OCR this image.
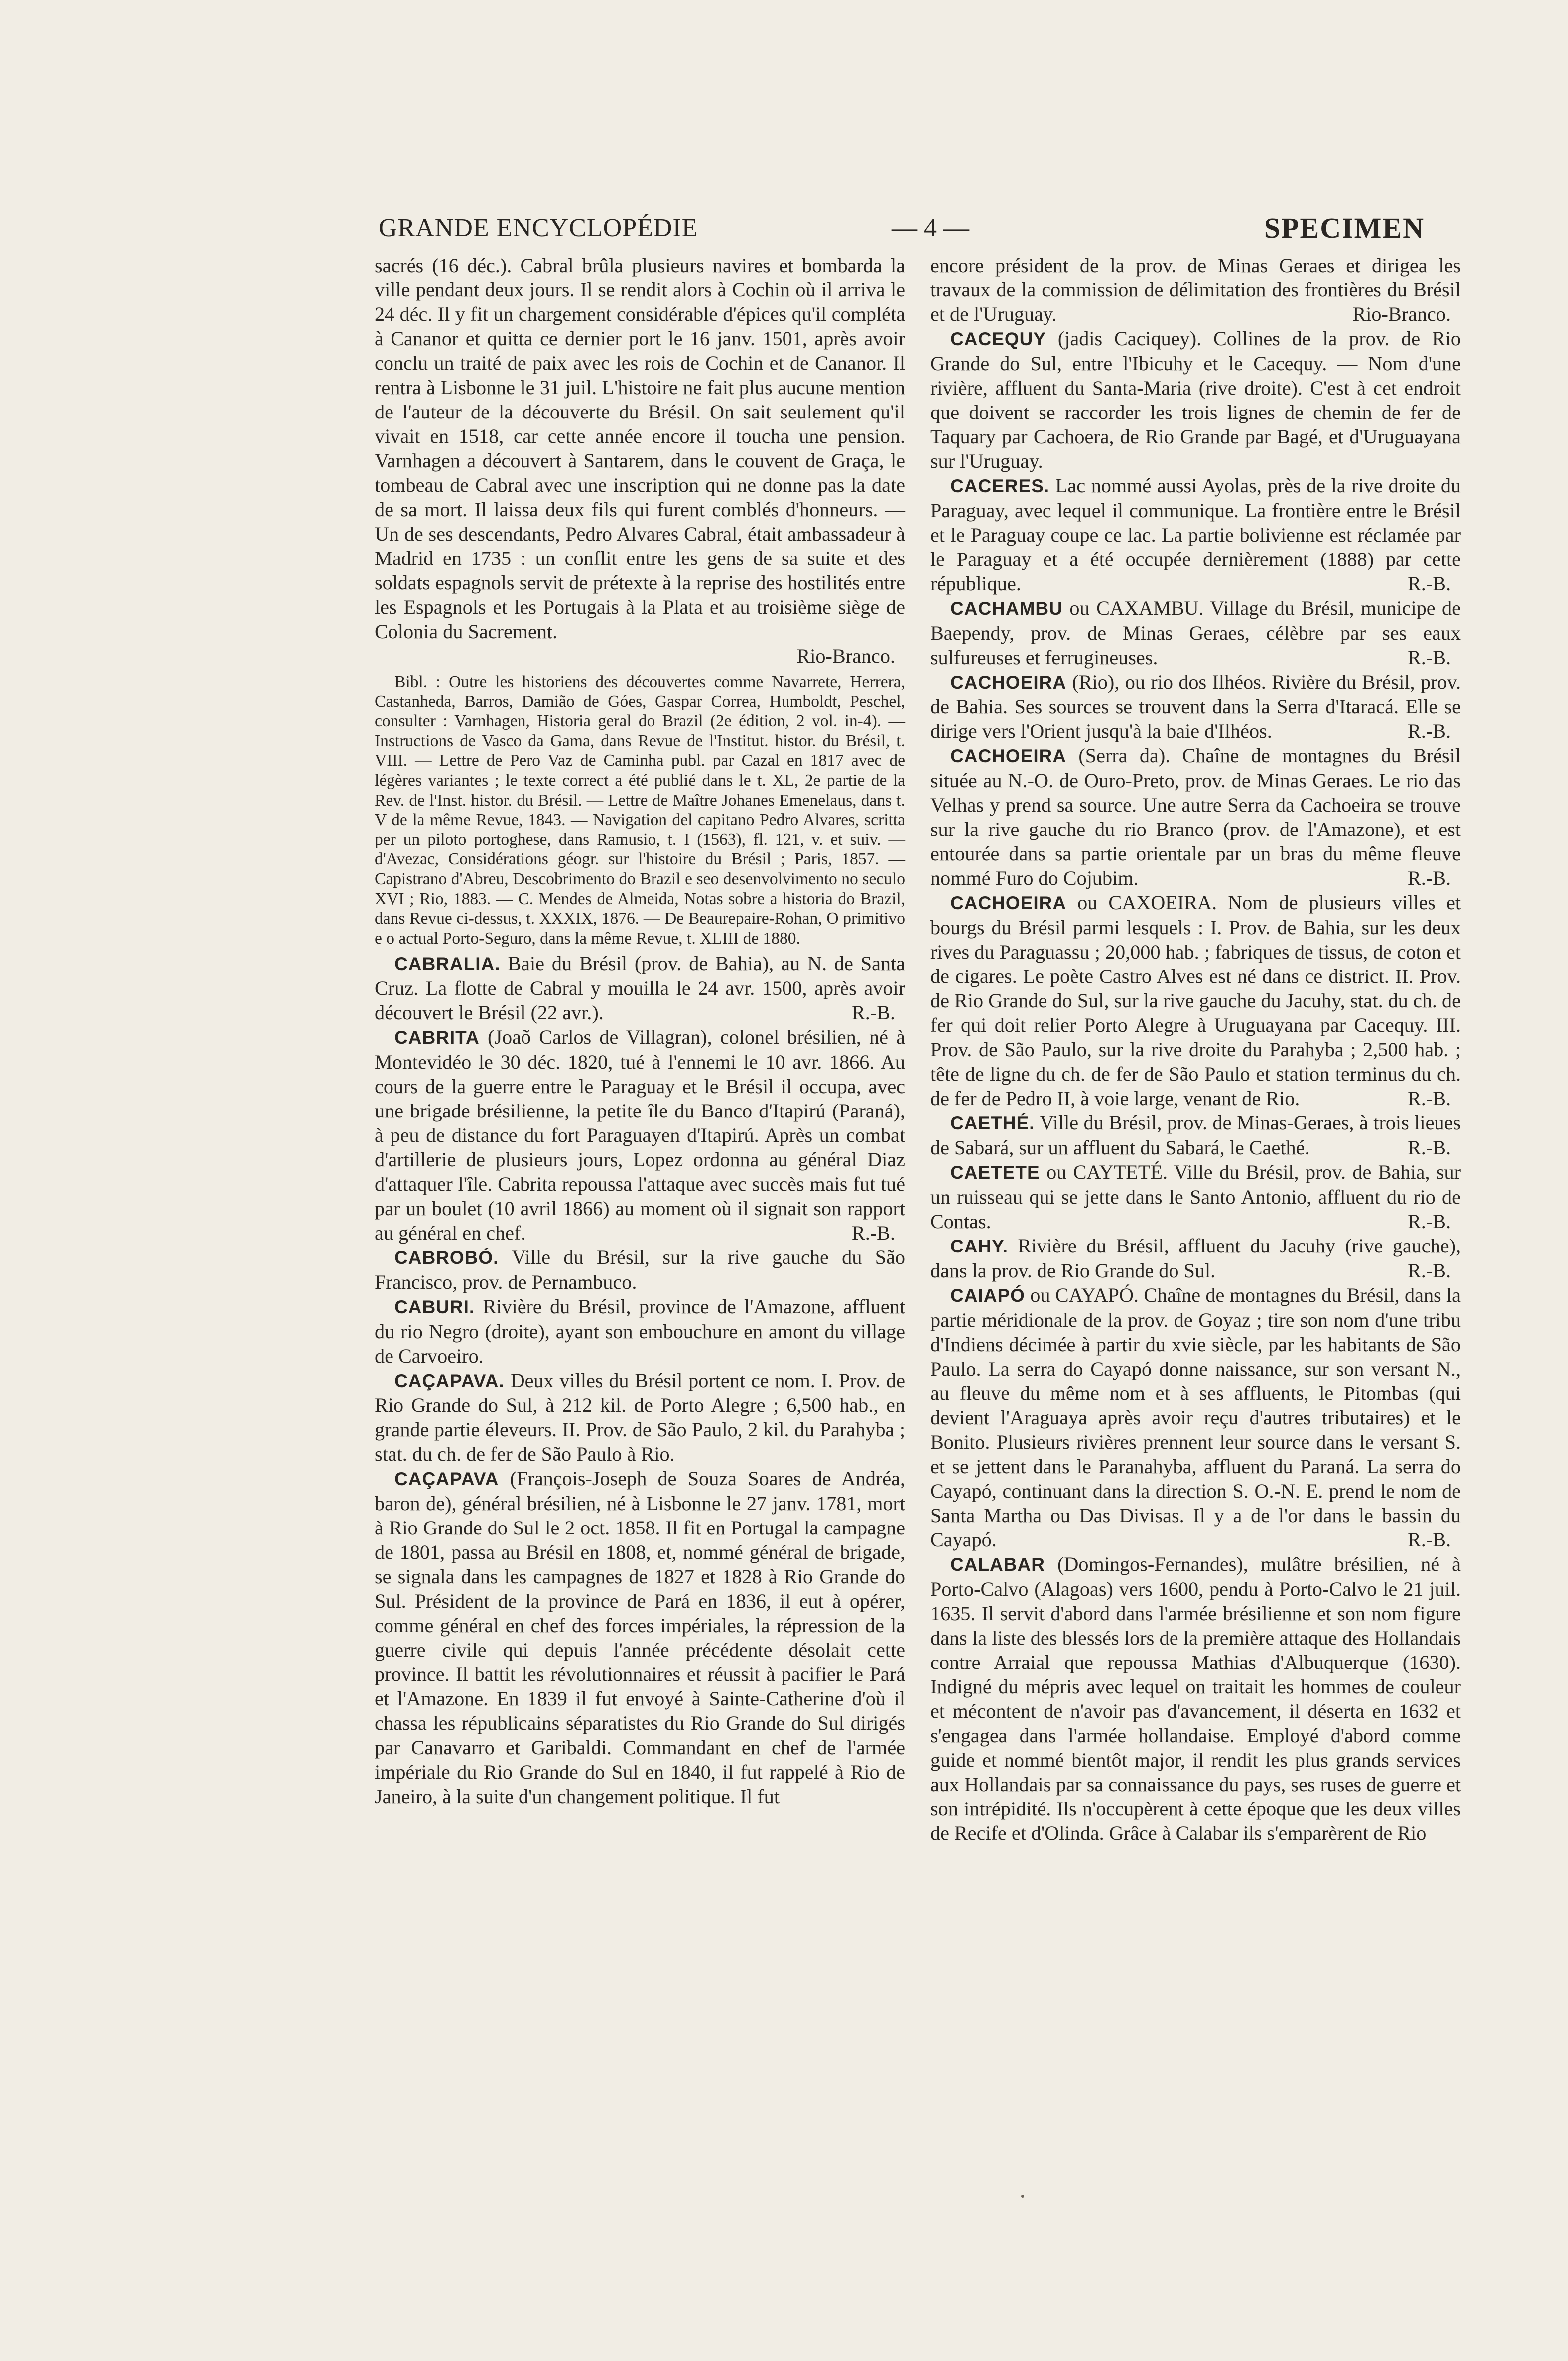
GRANDE ENCYCLOPÉDIE	— 4 —	SPECIMEN

sacrés (16 déc.). Cabral brûla plusieurs navires et bombarda la ville pendant deux jours. Il se rendit alors à Cochin où il arriva le 24 déc. Il y fit un chargement considérable d'épices qu'il compléta à Cananor et quitta ce dernier port le 16 janv. 1501, après avoir conclu un traité de paix avec les rois de Cochin et de Cananor. Il rentra à Lisbonne le 31 juil. L'histoire ne fait plus aucune mention de l'auteur de la découverte du Brésil. On sait seulement qu'il vivait en 1518, car cette année encore il toucha une pension. Varnhagen a découvert à Santarem, dans le couvent de Graça, le tombeau de Cabral avec une inscription qui ne donne pas la date de sa mort. Il laissa deux fils qui furent comblés d'honneurs. — Un de ses descendants, Pedro Alvares Cabral, était ambassadeur à Madrid en 1735 : un conflit entre les gens de sa suite et des soldats espagnols servit de prétexte à la reprise des hostilités entre les Espagnols et les Portugais à la Plata et au troisième siège de Colonia du Sacrement.
Rio-Branco.

Bibl. : Outre les historiens des découvertes comme Navarrete, Herrera, Castanheda, Barros, Damião de Góes, Gaspar Correa, Humboldt, Peschel, consulter : Varnhagen, Historia geral do Brazil (2e édition, 2 vol. in-4). — Instructions de Vasco da Gama, dans Revue de l'Institut. histor. du Brésil, t. VIII. — Lettre de Pero Vaz de Caminha publ. par Cazal en 1817 avec de légères variantes ; le texte correct a été publié dans le t. XL, 2e partie de la Rev. de l'Inst. histor. du Brésil. — Lettre de Maître Johanes Emenelaus, dans t. V de la même Revue, 1843. — Navigation del capitano Pedro Alvares, scritta per un piloto portoghese, dans Ramusio, t. I (1563), fl. 121, v. et suiv. — d'Avezac, Considérations géogr. sur l'histoire du Brésil ; Paris, 1857. — Capistrano d'Abreu, Descobrimento do Brazil e seo desenvolvimento no seculo XVI ; Rio, 1883. — C. Mendes de Almeida, Notas sobre a historia do Brazil, dans Revue ci-dessus, t. XXXIX, 1876. — De Beaurepaire-Rohan, O primitivo e o actual Porto-Seguro, dans la même Revue, t. XLIII de 1880.

CABRALIA. Baie du Brésil (prov. de Bahia), au N. de Santa Cruz. La flotte de Cabral y mouilla le 24 avr. 1500, après avoir découvert le Brésil (22 avr.).	R.-B.

CABRITA (Joaõ Carlos de Villagran), colonel brésilien, né à Montevidéo le 30 déc. 1820, tué à l'ennemi le 10 avr. 1866. Au cours de la guerre entre le Paraguay et le Brésil il occupa, avec une brigade brésilienne, la petite île du Banco d'Itapirú (Paraná), à peu de distance du fort Paraguayen d'Itapirú. Après un combat d'artillerie de plusieurs jours, Lopez ordonna au général Diaz d'attaquer l'île. Cabrita repoussa l'attaque avec succès mais fut tué par un boulet (10 avril 1866) au moment où il signait son rapport au général en chef.	R.-B.

CABROBÓ. Ville du Brésil, sur la rive gauche du São Francisco, prov. de Pernambuco.

CABURI. Rivière du Brésil, province de l'Amazone, affluent du rio Negro (droite), ayant son embouchure en amont du village de Carvoeiro.

CAÇAPAVA. Deux villes du Brésil portent ce nom. I. Prov. de Rio Grande do Sul, à 212 kil. de Porto Alegre ; 6,500 hab., en grande partie éleveurs. II. Prov. de São Paulo, 2 kil. du Parahyba ; stat. du ch. de fer de São Paulo à Rio.

CAÇAPAVA (François-Joseph de Souza Soares de Andréa, baron de), général brésilien, né à Lisbonne le 27 janv. 1781, mort à Rio Grande do Sul le 2 oct. 1858. Il fit en Portugal la campagne de 1801, passa au Brésil en 1808, et, nommé général de brigade, se signala dans les campagnes de 1827 et 1828 à Rio Grande do Sul. Président de la province de Pará en 1836, il eut à opérer, comme général en chef des forces impériales, la répression de la guerre civile qui depuis l'année précédente désolait cette province. Il battit les révolutionnaires et réussit à pacifier le Pará et l'Amazone. En 1839 il fut envoyé à Sainte-Catherine d'où il chassa les républicains séparatistes du Rio Grande do Sul dirigés par Canavarro et Garibaldi. Commandant en chef de l'armée impériale du Rio Grande do Sul en 1840, il fut rappelé à Rio de Janeiro, à la suite d'un changement politique. Il fut

encore président de la prov. de Minas Geraes et dirigea les travaux de la commission de délimitation des frontières du Brésil et de l'Uruguay.	Rio-Branco.

CACEQUY (jadis Caciquey). Collines de la prov. de Rio Grande do Sul, entre l'Ibicuhy et le Cacequy. — Nom d'une rivière, affluent du Santa-Maria (rive droite). C'est à cet endroit que doivent se raccorder les trois lignes de chemin de fer de Taquary par Cachoera, de Rio Grande par Bagé, et d'Uruguayana sur l'Uruguay.

CACERES. Lac nommé aussi Ayolas, près de la rive droite du Paraguay, avec lequel il communique. La frontière entre le Brésil et le Paraguay coupe ce lac. La partie bolivienne est réclamée par le Paraguay et a été occupée dernièrement (1888) par cette république.	R.-B.

CACHAMBU ou CAXAMBU. Village du Brésil, municipe de Baependy, prov. de Minas Geraes, célèbre par ses eaux sulfureuses et ferrugineuses.	R.-B.

CACHOEIRA (Rio), ou rio dos Ilhéos. Rivière du Brésil, prov. de Bahia. Ses sources se trouvent dans la Serra d'Itaracá. Elle se dirige vers l'Orient jusqu'à la baie d'Ilhéos.	R.-B.

CACHOEIRA (Serra da). Chaîne de montagnes du Brésil située au N.-O. de Ouro-Preto, prov. de Minas Geraes. Le rio das Velhas y prend sa source. Une autre Serra da Cachoeira se trouve sur la rive gauche du rio Branco (prov. de l'Amazone), et est entourée dans sa partie orientale par un bras du même fleuve nommé Furo do Cojubim.	R.-B.

CACHOEIRA ou CAXOEIRA. Nom de plusieurs villes et bourgs du Brésil parmi lesquels : I. Prov. de Bahia, sur les deux rives du Paraguassu ; 20,000 hab. ; fabriques de tissus, de coton et de cigares. Le poète Castro Alves est né dans ce district. II. Prov. de Rio Grande do Sul, sur la rive gauche du Jacuhy, stat. du ch. de fer qui doit relier Porto Alegre à Uruguayana par Cacequy. III. Prov. de São Paulo, sur la rive droite du Parahyba ; 2,500 hab. ; tête de ligne du ch. de fer de São Paulo et station terminus du ch. de fer de Pedro II, à voie large, venant de Rio.	R.-B.

CAETHÉ. Ville du Brésil, prov. de Minas-Geraes, à trois lieues de Sabará, sur un affluent du Sabará, le Caethé.	R.-B.

CAETETE ou CAYTETÉ. Ville du Brésil, prov. de Bahia, sur un ruisseau qui se jette dans le Santo Antonio, affluent du rio de Contas.	R.-B.

CAHY. Rivière du Brésil, affluent du Jacuhy (rive gauche), dans la prov. de Rio Grande do Sul.	R.-B.

CAIAPÓ ou CAYAPÓ. Chaîne de montagnes du Brésil, dans la partie méridionale de la prov. de Goyaz ; tire son nom d'une tribu d'Indiens décimée à partir du xvie siècle, par les habitants de São Paulo. La serra do Cayapó donne naissance, sur son versant N., au fleuve du même nom et à ses affluents, le Pitombas (qui devient l'Araguaya après avoir reçu d'autres tributaires) et le Bonito. Plusieurs rivières prennent leur source dans le versant S. et se jettent dans le Paranahyba, affluent du Paraná. La serra do Cayapó, continuant dans la direction S. O.-N. E. prend le nom de Santa Martha ou Das Divisas. Il y a de l'or dans le bassin du Cayapó.	R.-B.

CALABAR (Domingos-Fernandes), mulâtre brésilien, né à Porto-Calvo (Alagoas) vers 1600, pendu à Porto-Calvo le 21 juil. 1635. Il servit d'abord dans l'armée brésilienne et son nom figure dans la liste des blessés lors de la première attaque des Hollandais contre Arraial que repoussa Mathias d'Albuquerque (1630). Indigné du mépris avec lequel on traitait les hommes de couleur et mécontent de n'avoir pas d'avancement, il déserta en 1632 et s'engagea dans l'armée hollandaise. Employé d'abord comme guide et nommé bientôt major, il rendit les plus grands services aux Hollandais par sa connaissance du pays, ses ruses de guerre et son intrépidité. Ils n'occupèrent à cette époque que les deux villes de Recife et d'Olinda. Grâce à Calabar ils s'emparèrent de Rio
